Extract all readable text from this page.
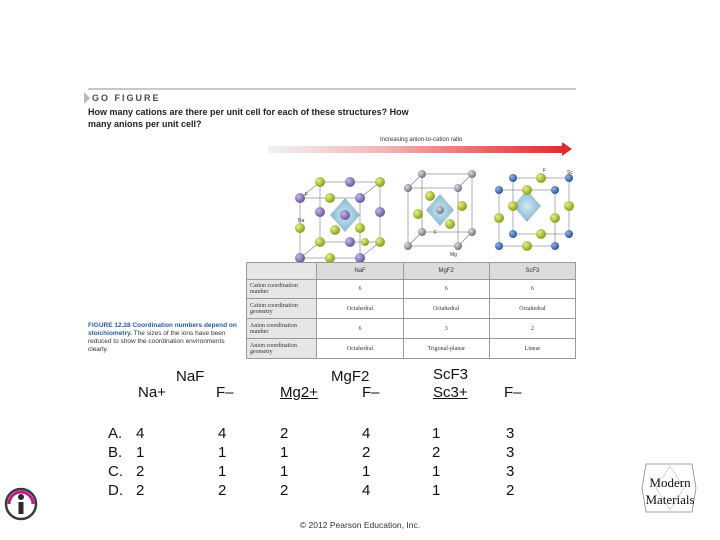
GO FIGURE
How many cations are there per unit cell for each of these structures? How many anions per unit cell?
Increasing anion-to-cation ratio
F
Na
F
Mg
F	Sc
	NaF	MgF2	ScF3
Cation coordination number	6	6	6
Cation coordination geometry	Octahedral	Octahedral	Octahedral
Anion coordination number	6	3	2
Anion coordination geometry	Octahedral	Trigonal-planar	Linear
FIGURE 12.28 Coordination numbers depend on stoichiometry. The sizes of the ions have been reduced to show the coordination environments clearly.
NaF	MgF2	ScF3
Na+	F–	Mg2+	F–	Sc3+ F–
A. 4	4	2	4	1	3
B. 1	1	1	2	2	3
C. 2	1	1	1	1	3
D. 2	2	2	4	1	2
© 2012 Pearson Education, Inc.
Modern
Materials
